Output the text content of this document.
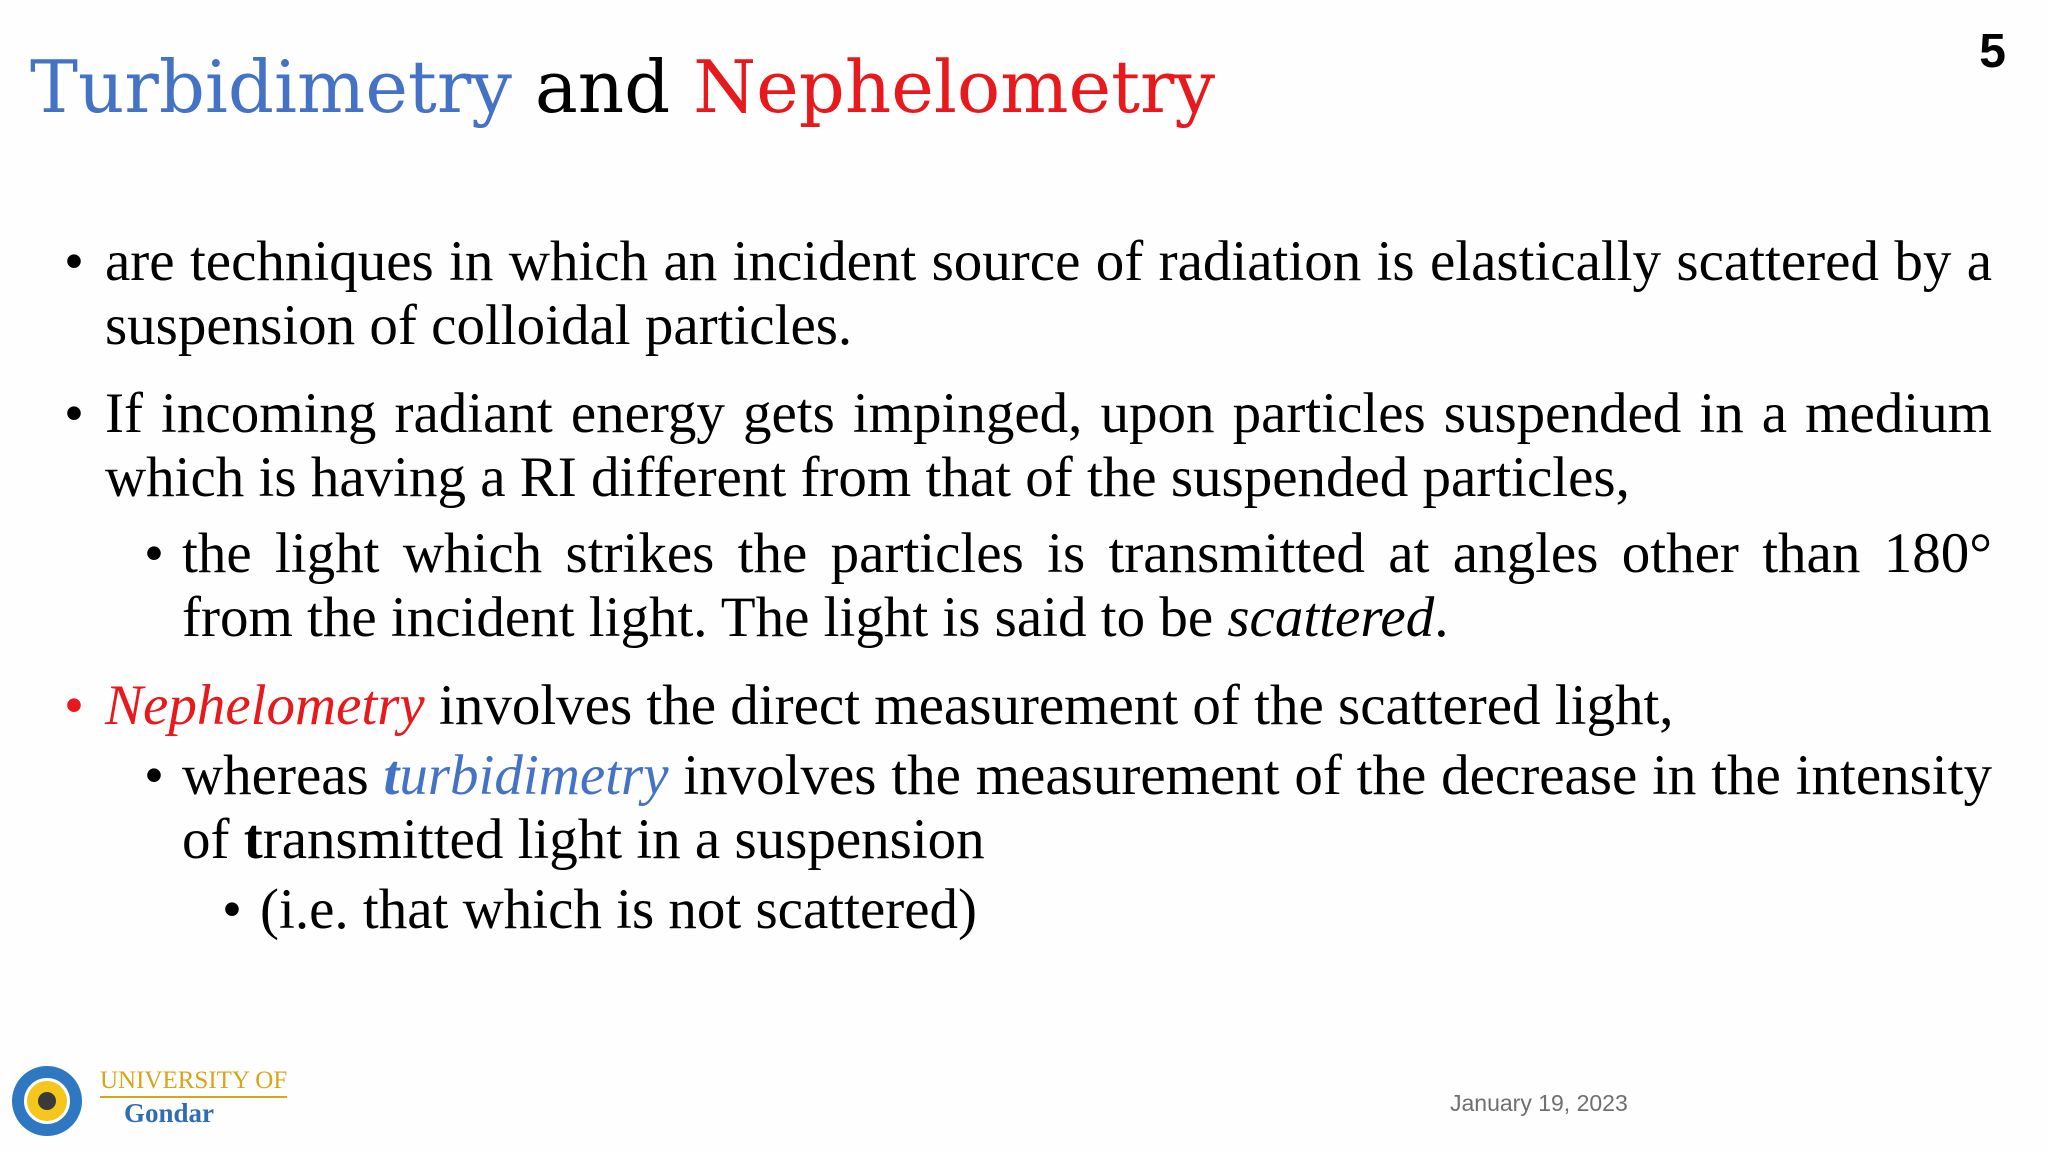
Turbidimetry and Nephelometry	5
• are techniques in which an incident source of radiation is elastically scattered by a suspension of colloidal particles.
• If incoming radiant energy gets impinged, upon particles suspended in a medium which is having a RI different from that of the suspended particles,
• the light which strikes the particles is transmitted at angles other than 180° from the incident light. The light is said to be scattered.
• Nephelometry involves the direct measurement of the scattered light,
• whereas turbidimetry involves the measurement of the decrease in the intensity of transmitted light in a suspension
• (i.e. that which is not scattered)
UNIVERSITY OF
Gondar	January 19, 2023
